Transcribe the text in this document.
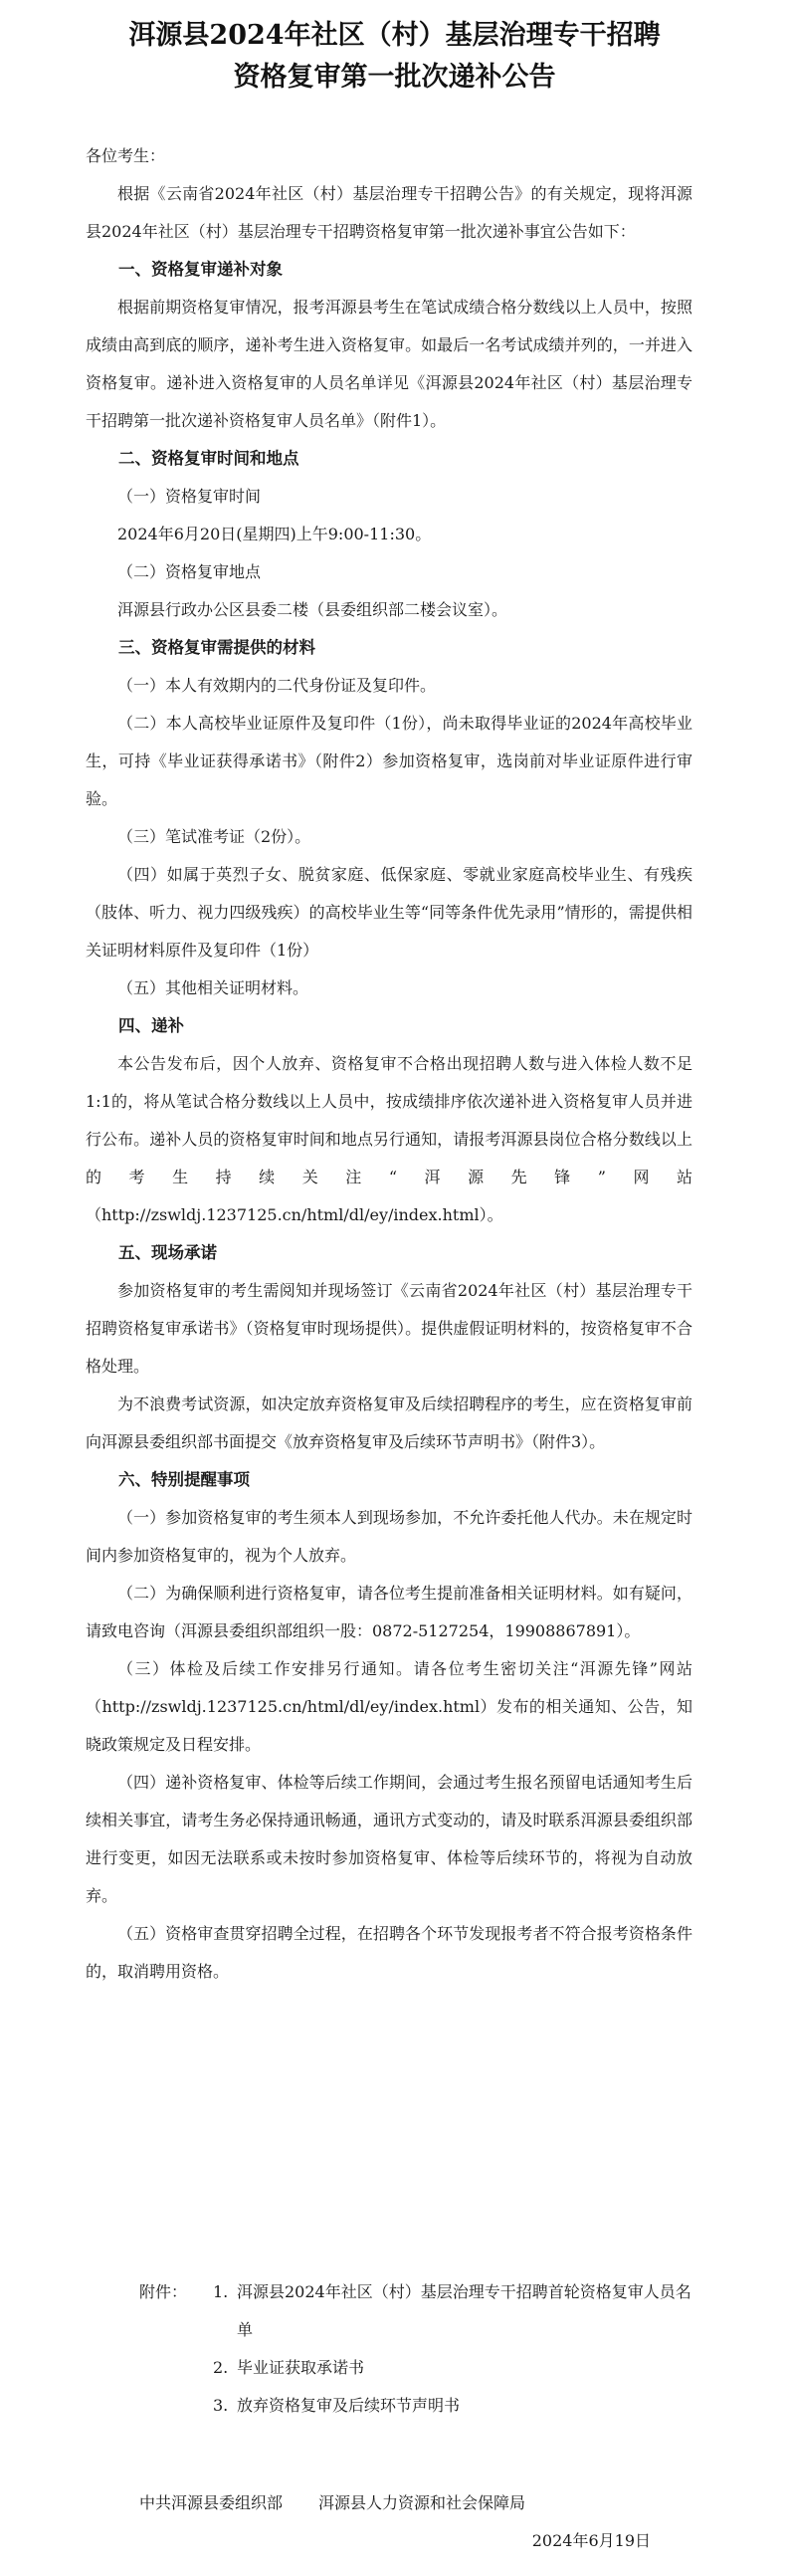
洱源县2024年社区（村）基层治理专干招聘
资格复审第一批次递补公告

各位考生：

根据《云南省2024年社区（村）基层治理专干招聘公告》的有关规定，现将洱源县2024年社区（村）基层治理专干招聘资格复审第一批次递补事宜公告如下：

一、资格复审递补对象

根据前期资格复审情况，报考洱源县考生在笔试成绩合格分数线以上人员中，按照成绩由高到底的顺序，递补考生进入资格复审。如最后一名考试成绩并列的，一并进入资格复审。递补进入资格复审的人员名单详见《洱源县2024年社区（村）基层治理专干招聘第一批次递补资格复审人员名单》（附件1）。

二、资格复审时间和地点

（一）资格复审时间

2024年6月20日(星期四)上午9:00-11:30。

（二）资格复审地点

洱源县行政办公区县委二楼（县委组织部二楼会议室）。

三、资格复审需提供的材料

（一）本人有效期内的二代身份证及复印件。

（二）本人高校毕业证原件及复印件（1份），尚未取得毕业证的2024年高校毕业生，可持《毕业证获得承诺书》（附件2）参加资格复审，选岗前对毕业证原件进行审验。

（三）笔试准考证（2份）。

（四）如属于英烈子女、脱贫家庭、低保家庭、零就业家庭高校毕业生、有残疾（肢体、听力、视力四级残疾）的高校毕业生等“同等条件优先录用”情形的，需提供相关证明材料原件及复印件（1份）

（五）其他相关证明材料。

四、递补

本公告发布后，因个人放弃、资格复审不合格出现招聘人数与进入体检人数不足1:1的，将从笔试合格分数线以上人员中，按成绩排序依次递补进入资格复审人员并进行公布。递补人员的资格复审时间和地点另行通知，请报考洱源县岗位合格分数线以上的考生持续关注“洱源先锋”网站（http://zswldj.1237125.cn/html/dl/ey/index.html）。

五、现场承诺

参加资格复审的考生需阅知并现场签订《云南省2024年社区（村）基层治理专干招聘资格复审承诺书》（资格复审时现场提供）。提供虚假证明材料的，按资格复审不合格处理。

为不浪费考试资源，如决定放弃资格复审及后续招聘程序的考生，应在资格复审前向洱源县委组织部书面提交《放弃资格复审及后续环节声明书》（附件3）。

六、特别提醒事项

（一）参加资格复审的考生须本人到现场参加，不允许委托他人代办。未在规定时间内参加资格复审的，视为个人放弃。

（二）为确保顺利进行资格复审，请各位考生提前准备相关证明材料。如有疑问，请致电咨询（洱源县委组织部组织一股：0872-5127254，19908867891）。

（三）体检及后续工作安排另行通知。请各位考生密切关注“洱源先锋”网站（http://zswldj.1237125.cn/html/dl/ey/index.html）发布的相关通知、公告，知晓政策规定及日程安排。

（四）递补资格复审、体检等后续工作期间，会通过考生报名预留电话通知考生后续相关事宜，请考生务必保持通讯畅通，通讯方式变动的，请及时联系洱源县委组织部进行变更，如因无法联系或未按时参加资格复审、体检等后续环节的，将视为自动放弃。

（五）资格审查贯穿招聘全过程，在招聘各个环节发现报考者不符合报考资格条件的，取消聘用资格。

附件：	1. 洱源县2024年社区（村）基层治理专干招聘首轮资格复审人员名单
2. 毕业证获取承诺书
3. 放弃资格复审及后续环节声明书
中共洱源县委组织部 洱源县人力资源和社会保障局
2024年6月19日
